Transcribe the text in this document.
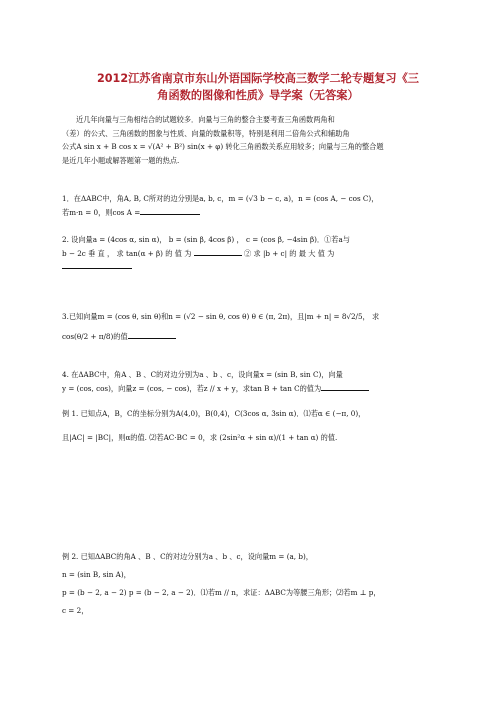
2012江苏省南京市东山外语国际学校高三数学二轮专题复习《三
角函数的图像和性质》导学案（无答案）
近几年向量与三角相结合的试题较多．向量与三角的整合主要考查三角函数两角和
（差）的公式、三角函数的图象与性质、向量的数量积等，特别是利用二倍角公式和辅助角
公式A sin x + B cos x = √(A² + B²) sin(x + φ) 转化三角函数关系应用较多；向量与三角的整合题
是近几年小题或解答题第一题的热点.
1．在ΔABC中，角A, B, C所对的边分别是a, b, c，m = (√3 b − c, a)，n = (cos A, − cos C)，
若m·n = 0，则cos A =
2. 设向量a = (4cos α, sin α)， b = (sin β, 4cos β) ， c = (cos β, −4sin β)．①若a与
b − 2c 垂 直 ， 求 tan(α + β) 的 值 为	② 求 |b + c| 的 最 大 值 为
3.已知向量m = (cos θ, sin θ)和n = (√2 − sin θ, cos θ) θ ∈ (π, 2π)，且|m + n| = 8√2/5， 求
cos(θ/2 + π/8)的值
4. 在ΔABC中，角A 、B 、C的对边分别为a 、b 、c，设向量x = (sin B, sin C)，向量
y = (cos, cos)，向量z = (cos, − cos)，若z // x + y，求tan B + tan C的值为
例 1. 已知点A，B，C的坐标分别为A(4,0)，B(0,4)，C(3cos α, 3sin α)．⑴若α ∈ (−π, 0)，
且|AC| = |BC|，则α的值. ⑵若AC·BC = 0，求 (2sin²α + sin α)/(1 + tan α) 的值.
例 2. 已知ΔABC的角A 、B 、C的对边分别为a 、b 、c，设向量m = (a, b)，
n = (sin B, sin A)，
p = (b − 2, a − 2) p = (b − 2, a − 2)．⑴若m // n，求证：ΔABC为等腰三角形；⑵若m ⊥ p，
c = 2，
